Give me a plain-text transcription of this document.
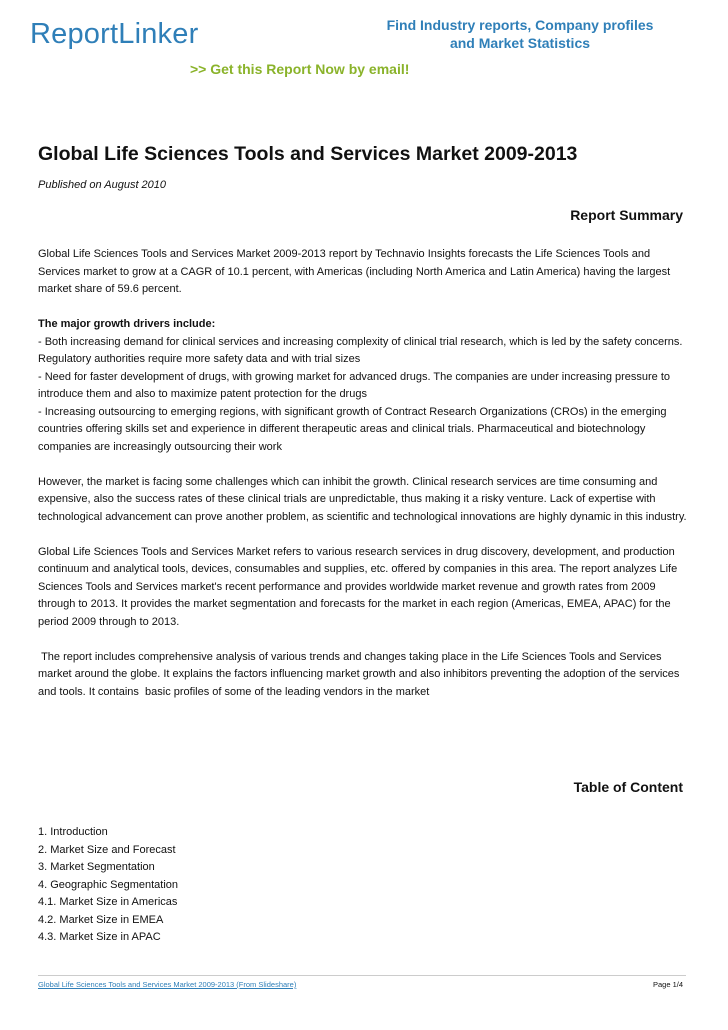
ReportLinker	Find Industry reports, Company profiles
and Market Statistics
>> Get this Report Now by email!
Global Life Sciences Tools and Services Market 2009-2013
Published on August 2010
Report Summary

Global Life Sciences Tools and Services Market 2009-2013 report by Technavio Insights forecasts the Life Sciences Tools and Services market to grow at a CAGR of 10.1 percent, with Americas (including North America and Latin America) having the largest market share of 59.6 percent.

The major growth drivers include:
- Both increasing demand for clinical services and increasing complexity of clinical trial research, which is led by the safety concerns. Regulatory authorities require more safety data and with trial sizes
- Need for faster development of drugs, with growing market for advanced drugs. The companies are under increasing pressure to introduce them and also to maximize patent protection for the drugs
- Increasing outsourcing to emerging regions, with significant growth of Contract Research Organizations (CROs) in the emerging countries offering skills set and experience in different therapeutic areas and clinical trials. Pharmaceutical and biotechnology companies are increasingly outsourcing their work

However, the market is facing some challenges which can inhibit the growth. Clinical research services are time consuming and expensive, also the success rates of these clinical trials are unpredictable, thus making it a risky venture. Lack of expertise with technological advancement can prove another problem, as scientific and technological innovations are highly dynamic in this industry.

Global Life Sciences Tools and Services Market refers to various research services in drug discovery, development, and production continuum and analytical tools, devices, consumables and supplies, etc. offered by companies in this area. The report analyzes Life Sciences Tools and Services market's recent performance and provides worldwide market revenue and growth rates from 2009 through to 2013. It provides the market segmentation and forecasts for the market in each region (Americas, EMEA, APAC) for the period 2009 through to 2013.

The report includes comprehensive analysis of various trends and changes taking place in the Life Sciences Tools and Services market around the globe. It explains the factors influencing market growth and also inhibitors preventing the adoption of the services and tools. It contains  basic profiles of some of the leading vendors in the market

Table of Content
1. Introduction
2. Market Size and Forecast
3. Market Segmentation
4. Geographic Segmentation
4.1. Market Size in Americas
4.2. Market Size in EMEA
4.3. Market Size in APAC
Global Life Sciences Tools and Services Market 2009-2013 (From Slideshare)	Page 1/4
